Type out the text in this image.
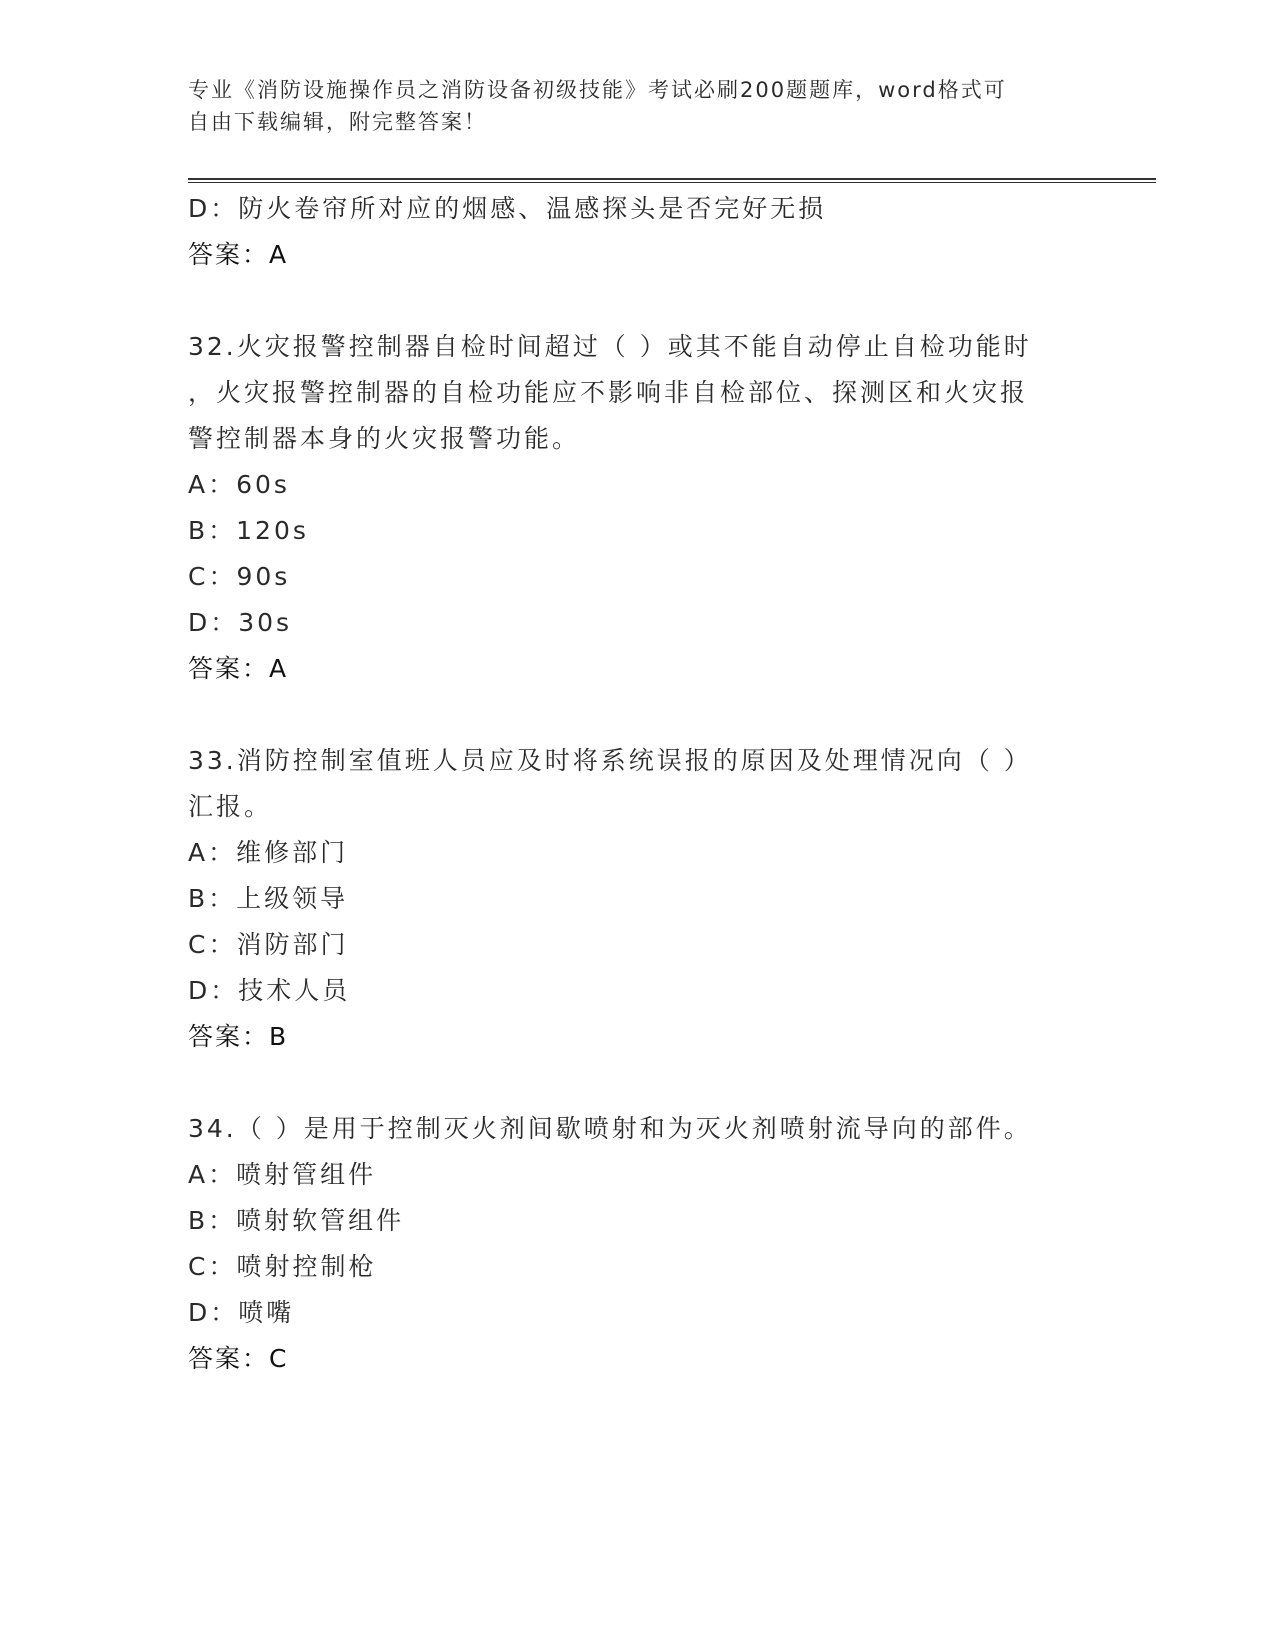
专业《消防设施操作员之消防设备初级技能》考试必刷200题题库，word格式可
自由下载编辑，附完整答案！
D：防火卷帘所对应的烟感、温感探头是否完好无损
答案：A
32.火灾报警控制器自检时间超过（ ）或其不能自动停止自检功能时
，火灾报警控制器的自检功能应不影响非自检部位、探测区和火灾报
警控制器本身的火灾报警功能。
A：60s
B：120s
C：90s
D：30s
答案：A
33.消防控制室值班人员应及时将系统误报的原因及处理情况向（ ）
汇报。
A：维修部门
B：上级领导
C：消防部门
D：技术人员
答案：B
34.（ ）是用于控制灭火剂间歇喷射和为灭火剂喷射流导向的部件。
A：喷射管组件
B：喷射软管组件
C：喷射控制枪
D：喷嘴
答案：C
